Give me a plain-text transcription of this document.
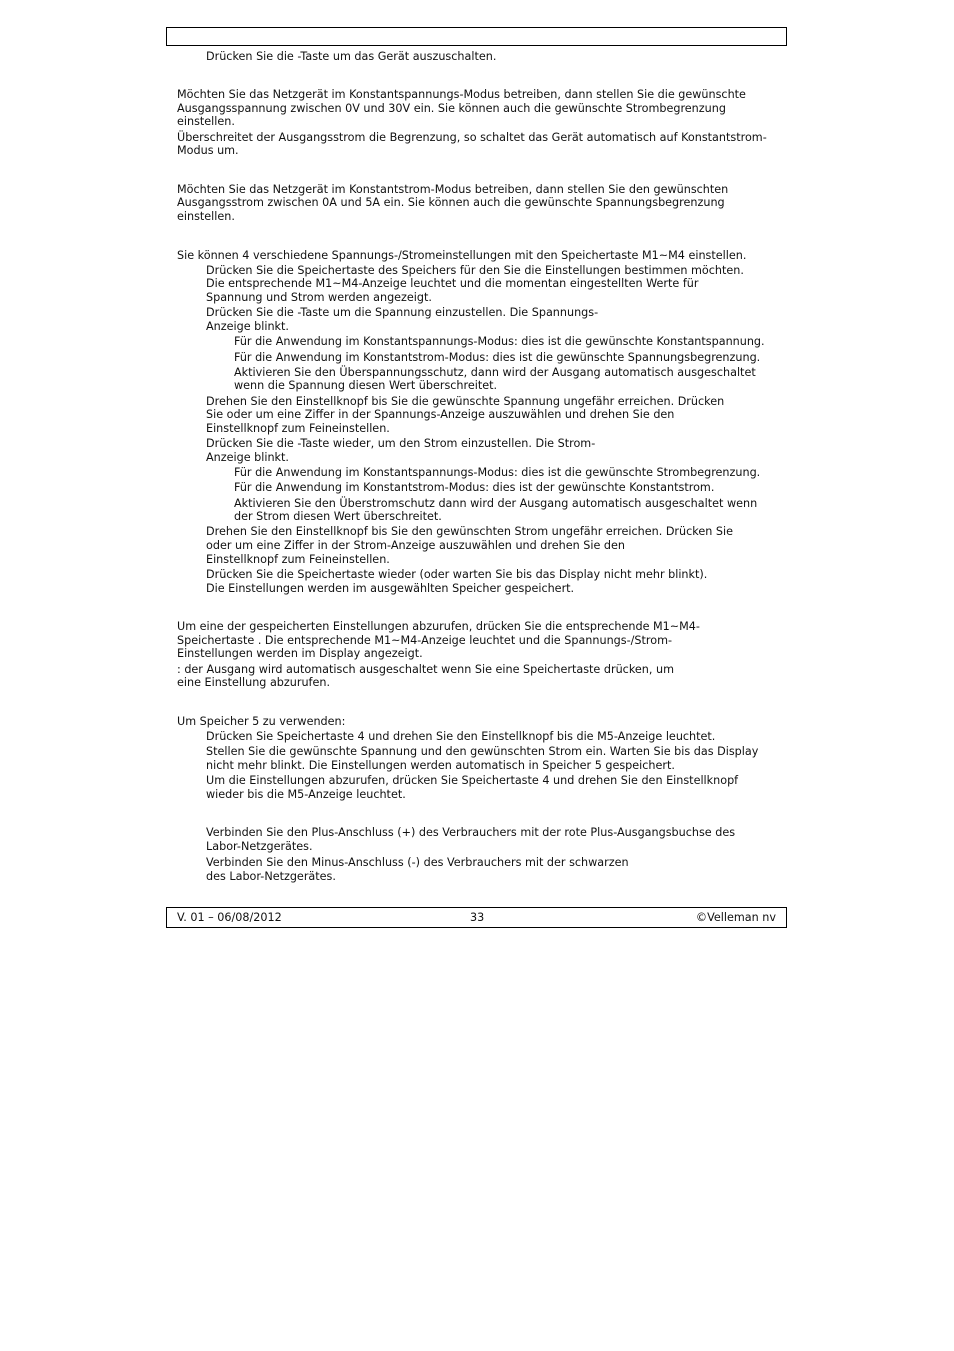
Drücken Sie die -Taste um das Gerät auszuschalten.
Möchten Sie das Netzgerät im Konstantspannungs-Modus betreiben, dann stellen Sie die gewünschte
Ausgangsspannung zwischen 0V und 30V ein. Sie können auch die gewünschte Strombegrenzung
einstellen.
Überschreitet der Ausgangsstrom die Begrenzung, so schaltet das Gerät automatisch auf Konstantstrom-
Modus um.
Möchten Sie das Netzgerät im Konstantstrom-Modus betreiben, dann stellen Sie den gewünschten
Ausgangsstrom zwischen 0A und 5A ein. Sie können auch die gewünschte Spannungsbegrenzung
einstellen.
Sie können 4 verschiedene Spannungs-/Stromeinstellungen mit den Speichertaste M1~M4 einstellen.
Drücken Sie die Speichertaste des Speichers für den Sie die Einstellungen bestimmen möchten.
Die entsprechende M1~M4-Anzeige leuchtet und die momentan eingestellten Werte für
Spannung und Strom werden angezeigt.
Drücken Sie die -Taste um die Spannung einzustellen. Die Spannungs-
Anzeige blinkt.
Für die Anwendung im Konstantspannungs-Modus: dies ist die gewünschte Konstantspannung.
Für die Anwendung im Konstantstrom-Modus: dies ist die gewünschte Spannungsbegrenzung.
Aktivieren Sie den Überspannungsschutz, dann wird der Ausgang automatisch ausgeschaltet
wenn die Spannung diesen Wert überschreitet.
Drehen Sie den Einstellknopf bis Sie die gewünschte Spannung ungefähr erreichen. Drücken
Sie oder um eine Ziffer in der Spannungs-Anzeige auszuwählen und drehen Sie den
Einstellknopf zum Feineinstellen.
Drücken Sie die -Taste wieder, um den Strom einzustellen. Die Strom-
Anzeige blinkt.
Für die Anwendung im Konstantspannungs-Modus: dies ist die gewünschte Strombegrenzung.
Für die Anwendung im Konstantstrom-Modus: dies ist der gewünschte Konstantstrom.
Aktivieren Sie den Überstromschutz dann wird der Ausgang automatisch ausgeschaltet wenn
der Strom diesen Wert überschreitet.
Drehen Sie den Einstellknopf bis Sie den gewünschten Strom ungefähr erreichen. Drücken Sie
oder um eine Ziffer in der Strom-Anzeige auszuwählen und drehen Sie den
Einstellknopf zum Feineinstellen.
Drücken Sie die Speichertaste wieder (oder warten Sie bis das Display nicht mehr blinkt).
Die Einstellungen werden im ausgewählten Speicher gespeichert.
Um eine der gespeicherten Einstellungen abzurufen, drücken Sie die entsprechende M1~M4-
Speichertaste . Die entsprechende M1~M4-Anzeige leuchtet und die Spannungs-/Strom-
Einstellungen werden im Display angezeigt.
: der Ausgang wird automatisch ausgeschaltet wenn Sie eine Speichertaste drücken, um
eine Einstellung abzurufen.
Um Speicher 5 zu verwenden:
Drücken Sie Speichertaste 4 und drehen Sie den Einstellknopf bis die M5-Anzeige leuchtet.
Stellen Sie die gewünschte Spannung und den gewünschten Strom ein. Warten Sie bis das Display
nicht mehr blinkt. Die Einstellungen werden automatisch in Speicher 5 gespeichert.
Um die Einstellungen abzurufen, drücken Sie Speichertaste 4 und drehen Sie den Einstellknopf
wieder bis die M5-Anzeige leuchtet.
Verbinden Sie den Plus-Anschluss (+) des Verbrauchers mit der rote Plus-Ausgangsbuchse des
Labor-Netzgerätes.
Verbinden Sie den Minus-Anschluss (-) des Verbrauchers mit der schwarzen
des Labor-Netzgerätes.
V. 01 – 06/08/2012	33	©Velleman nv
